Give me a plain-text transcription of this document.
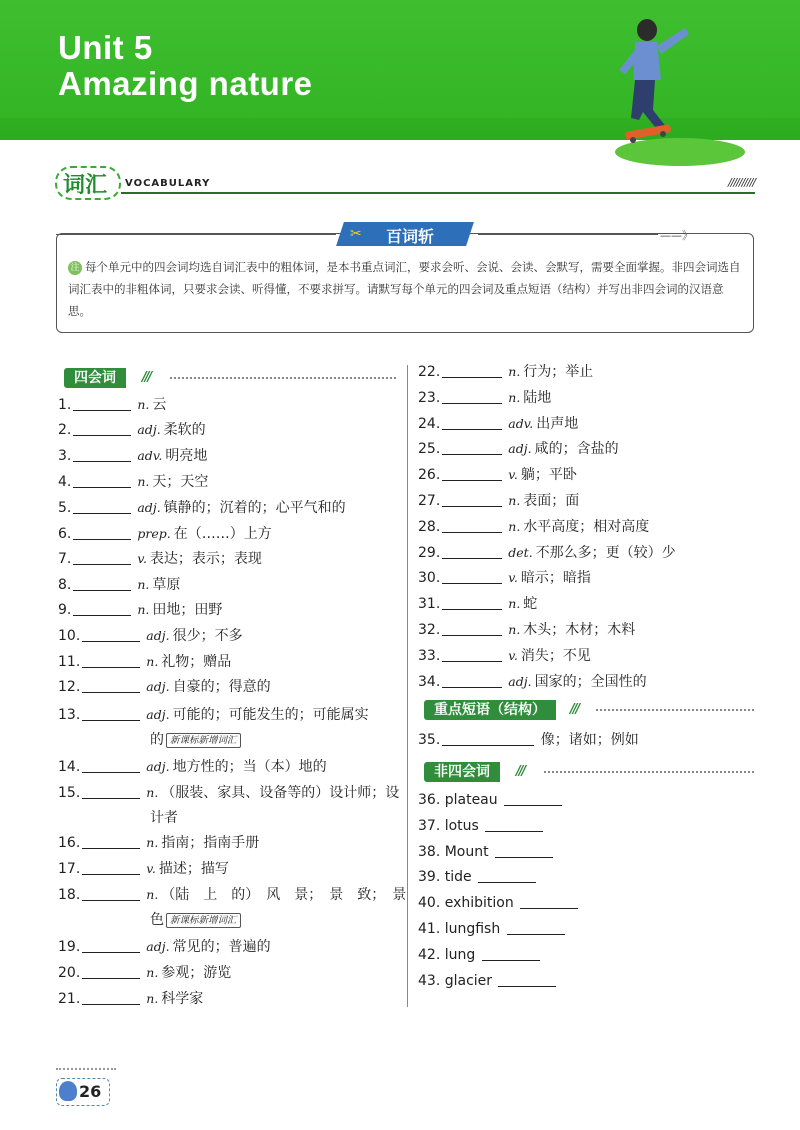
Unit 5
Amazing nature
词汇 VOCABULARY	//////////
——》
✂	百词斩
注 每个单元中的四会词均选自词汇表中的粗体词，是本书重点词汇，要求会听、会说、会读、会默写，需要全面掌握。非四会词选自词汇表中的非粗体词，只要求会读、听得懂，不要求拼写。请默写每个单元的四会词及重点短语（结构）并写出非四会词的汉语意思。
四会词	///
1.	n. 云
2.	adj. 柔软的
3.	adv. 明亮地
4.	n. 天；天空
5.	adj. 镇静的；沉着的；心平气和的
6.	prep. 在（……）上方
7.	v. 表达；表示；表现
8.	n. 草原
9.	n. 田地；田野
10.	adj. 很少；不多
11.	n. 礼物；赠品
12.	adj. 自豪的；得意的
13.	adj. 可能的；可能发生的；可能属实
的 新课标新增词汇
14.	adj. 地方性的；当（本）地的
15.	n. （服装、家具、设备等的）设计师；设
计者
16.	n. 指南；指南手册
17.	v. 描述；描写
18.	n. （陆　上　的）　风　景；　景　致；　景
色 新课标新增词汇
19.	adj. 常见的；普遍的
20.	n. 参观；游览
21.	n. 科学家
22.	n. 行为；举止
23.	n. 陆地
24.	adv. 出声地
25.	adj. 咸的；含盐的
26.	v. 躺；平卧
27.	n. 表面；面
28.	n. 水平高度；相对高度
29.	det. 不那么多；更（较）少
30.	v. 暗示；暗指
31.	n. 蛇
32.	n. 木头；木材；木料
33.	v. 消失；不见
34.	adj. 国家的；全国性的
重点短语（结构）	///
35.	像；诸如；例如
非四会词	///
36. plateau
37. lotus
38. Mount
39. tide
40. exhibition
41. lungfish
42. lung
43. glacier
26
